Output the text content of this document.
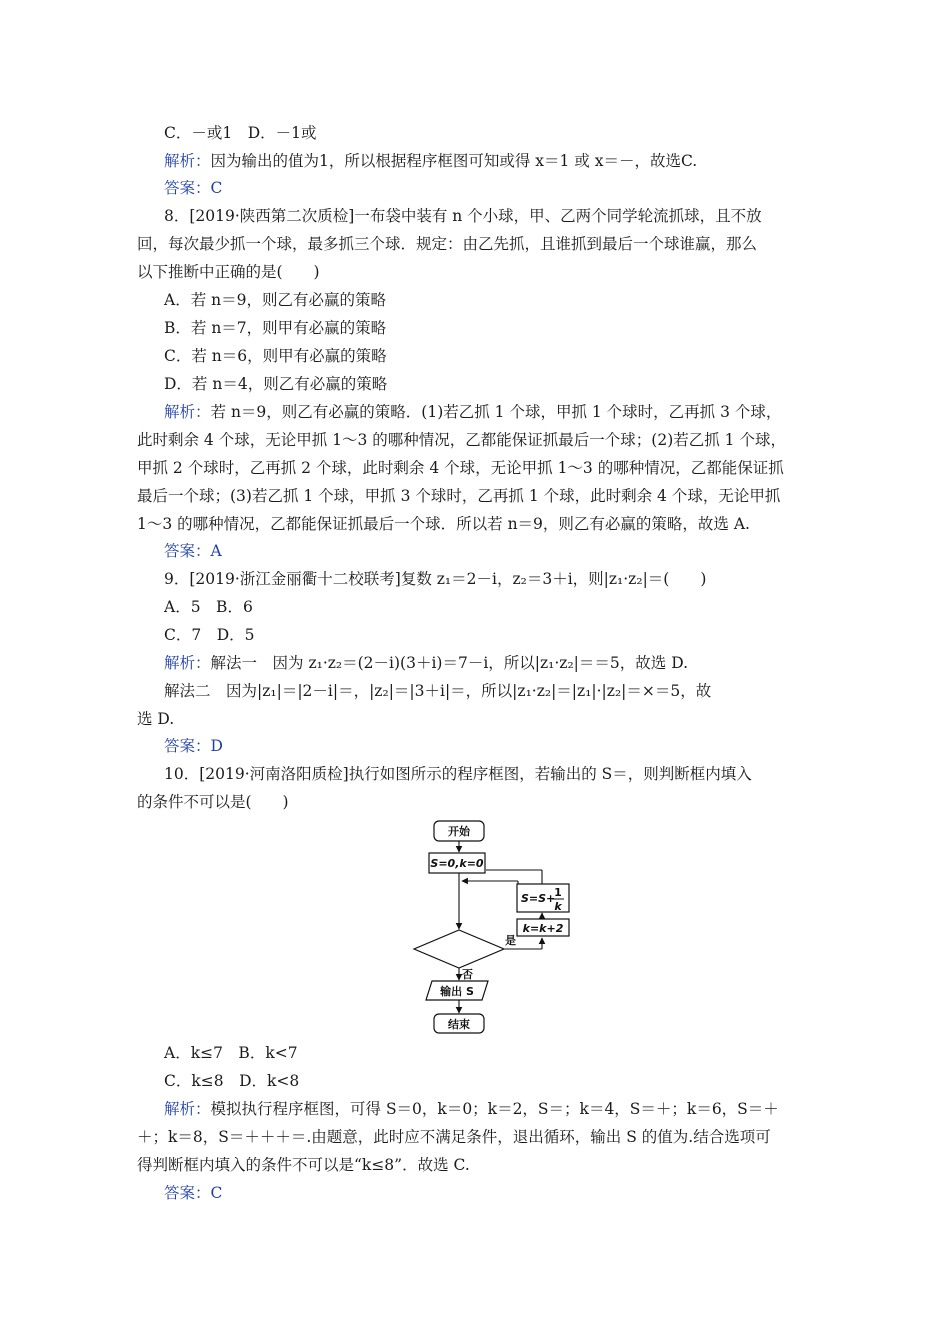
C．－或1　D．－1或
解析：因为输出的值为1，所以根据程序框图可知或得 x＝1 或 x＝－，故选C.
答案：C
8．[2019·陕西第二次质检]一布袋中装有 n 个小球，甲、乙两个同学轮流抓球，且不放
回，每次最少抓一个球，最多抓三个球．规定：由乙先抓，且谁抓到最后一个球谁赢，那么
以下推断中正确的是(　　)
A．若 n＝9，则乙有必赢的策略
B．若 n＝7，则甲有必赢的策略
C．若 n＝6，则甲有必赢的策略
D．若 n＝4，则乙有必赢的策略
解析：若 n＝9，则乙有必赢的策略．(1)若乙抓 1 个球，甲抓 1 个球时，乙再抓 3 个球，
此时剩余 4 个球，无论甲抓 1～3 的哪种情况，乙都能保证抓最后一个球；(2)若乙抓 1 个球，
甲抓 2 个球时，乙再抓 2 个球，此时剩余 4 个球，无论甲抓 1～3 的哪种情况，乙都能保证抓
最后一个球；(3)若乙抓 1 个球，甲抓 3 个球时，乙再抓 1 个球，此时剩余 4 个球，无论甲抓
1～3 的哪种情况，乙都能保证抓最后一个球．所以若 n＝9，则乙有必赢的策略，故选 A.
答案：A
9．[2019·浙江金丽衢十二校联考]复数 z₁＝2－i，z₂＝3＋i，则|z₁·z₂|＝(　　)
A．5　B．6
C．7　D．5
解析：解法一　因为 z₁·z₂＝(2－i)(3＋i)＝7－i，所以|z₁·z₂|＝＝5，故选 D.
解法二　因为|z₁|＝|2－i|＝，|z₂|＝|3＋i|＝，所以|z₁·z₂|＝|z₁|·|z₂|＝×＝5，故
选 D.
答案：D
10．[2019·河南洛阳质检]执行如图所示的程序框图，若输出的 S＝，则判断框内填入
的条件不可以是(　　)
开始
S=0,k=0
S=S+
1
k
k=k+2
是
否
输出 S
结束
A．k≤7　B．k<7
C．k≤8　D．k<8
解析：模拟执行程序框图，可得 S＝0，k＝0；k＝2，S＝；k＝4，S＝＋；k＝6，S＝＋
＋；k＝8，S＝＋＋＋＝.由题意，此时应不满足条件，退出循环，输出 S 的值为.结合选项可
得判断框内填入的条件不可以是“k≤8”．故选 C.
答案：C
